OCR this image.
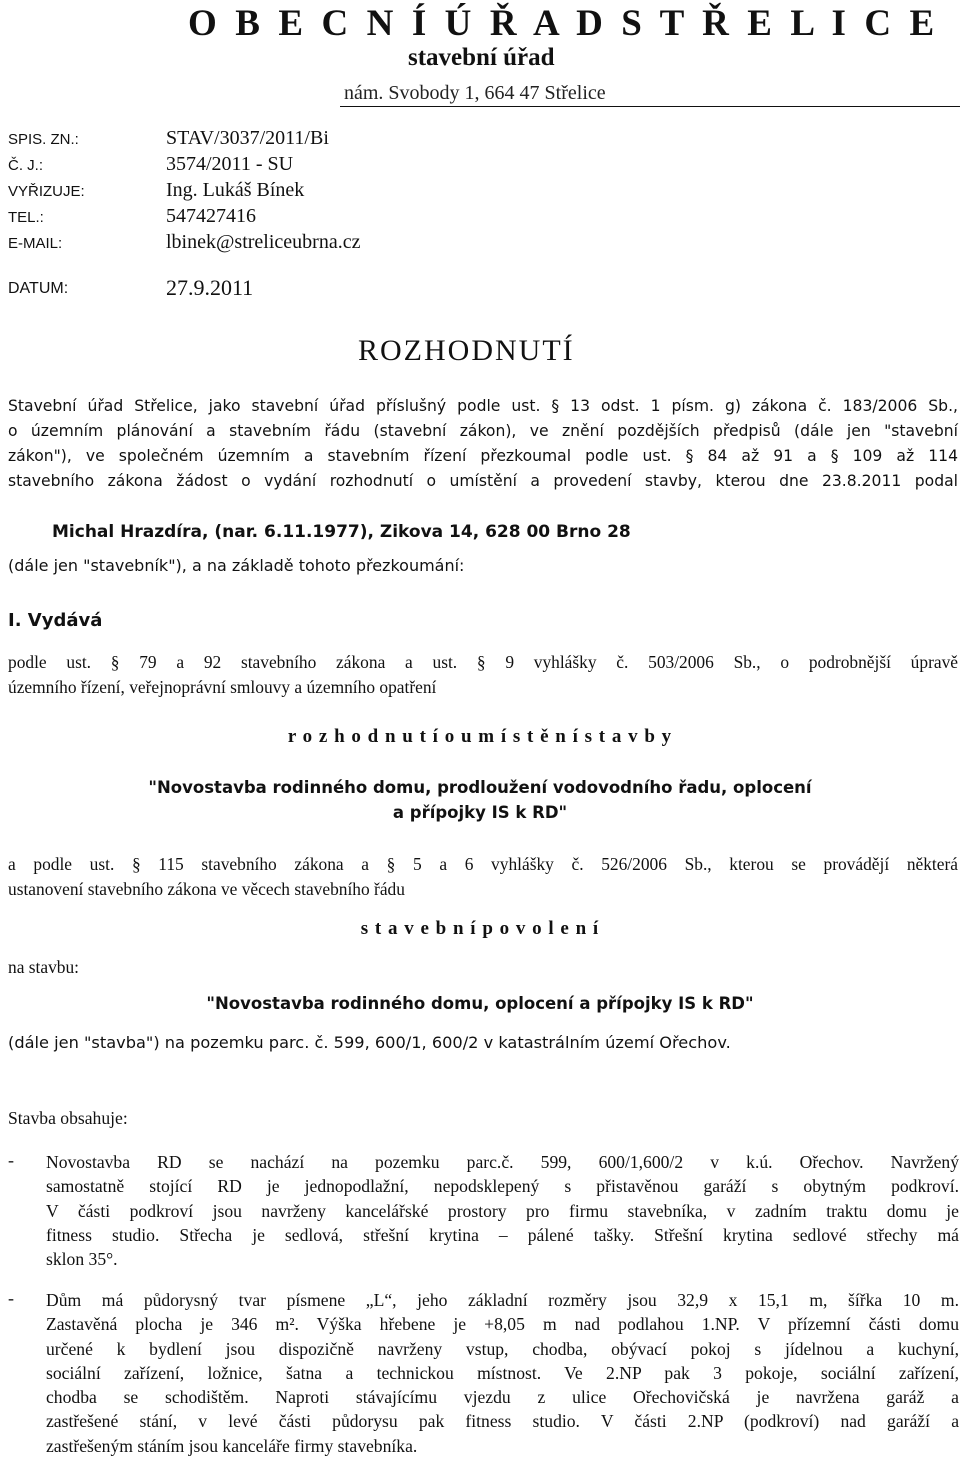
O B E C N Í Ú Ř A D S T Ř E L I C E
stavební úřad
nám. Svobody 1, 664 47 Střelice
SPIS. ZN.:	STAV/3037/2011/Bi
Č. J.:	3574/2011 - SU
VYŘIZUJE:	Ing. Lukáš Bínek
TEL.:	547427416
E-MAIL:	lbinek@streliceubrna.cz
DATUM:	27.9.2011
ROZHODNUTÍ
Stavební úřad Střelice, jako stavební úřad příslušný podle ust. § 13 odst. 1 písm. g) zákona č. 183/2006 Sb.,
o územním plánování a stavebním řádu (stavební zákon), ve znění pozdějších předpisů (dále jen "stavební
zákon"), ve společném územním a stavebním řízení přezkoumal podle ust. § 84 až 91 a § 109 až 114
stavebního zákona žádost o vydání rozhodnutí o umístění a provedení stavby, kterou dne 23.8.2011 podal
Michal Hrazdíra, (nar. 6.11.1977), Zikova 14, 628 00 Brno 28
(dále jen "stavebník"), a na základě tohoto přezkoumání:
I. Vydává
podle ust. § 79 a 92 stavebního zákona a ust. § 9 vyhlášky č. 503/2006 Sb., o podrobnější úpravě
územního řízení, veřejnoprávní smlouvy a územního opatření
r o z h o d n u t í o u m í s t ě n í s t a v b y
"Novostavba rodinného domu, prodloužení vodovodního řadu, oplocení
a přípojky IS k RD"
a podle ust. § 115 stavebního zákona a § 5 a 6 vyhlášky č. 526/2006 Sb., kterou se provádějí některá
ustanovení stavebního zákona ve věcech stavebního řádu
s t a v e b n í p o v o l e n í
na stavbu:
"Novostavba rodinného domu, oplocení a přípojky IS k RD"
(dále jen "stavba") na pozemku parc. č. 599, 600/1, 600/2 v katastrálním území Ořechov.
Stavba obsahuje:
- Novostavba RD se nachází na pozemku parc.č. 599, 600/1,600/2 v k.ú. Ořechov. Navržený
samostatně stojící RD je jednopodlažní, nepodsklepený s přistavěnou garáží s obytným podkroví.
V části podkroví jsou navrženy kancelářské prostory pro firmu stavebníka, v zadním traktu domu je
fitness studio. Střecha je sedlová, střešní krytina – pálené tašky. Střešní krytina sedlové střechy má
sklon 35°.
- Dům má půdorysný tvar písmene „L“, jeho základní rozměry jsou 32,9 x 15,1 m, šířka 10 m.
Zastavěná plocha je 346 m². Výška hřebene je +8,05 m nad podlahou 1.NP. V přízemní části domu
určené k bydlení jsou dispozičně navrženy vstup, chodba, obývací pokoj s jídelnou a kuchyní,
sociální zařízení, ložnice, šatna a technickou místnost. Ve 2.NP pak 3 pokoje, sociální zařízení,
chodba se schodištěm. Naproti stávajícímu vjezdu z ulice Ořechovičská je navržena garáž a
zastřešené stání, v levé části půdorysu pak fitness studio. V části 2.NP (podkroví) nad garáží a
zastřešeným stáním jsou kanceláře firmy stavebníka.
